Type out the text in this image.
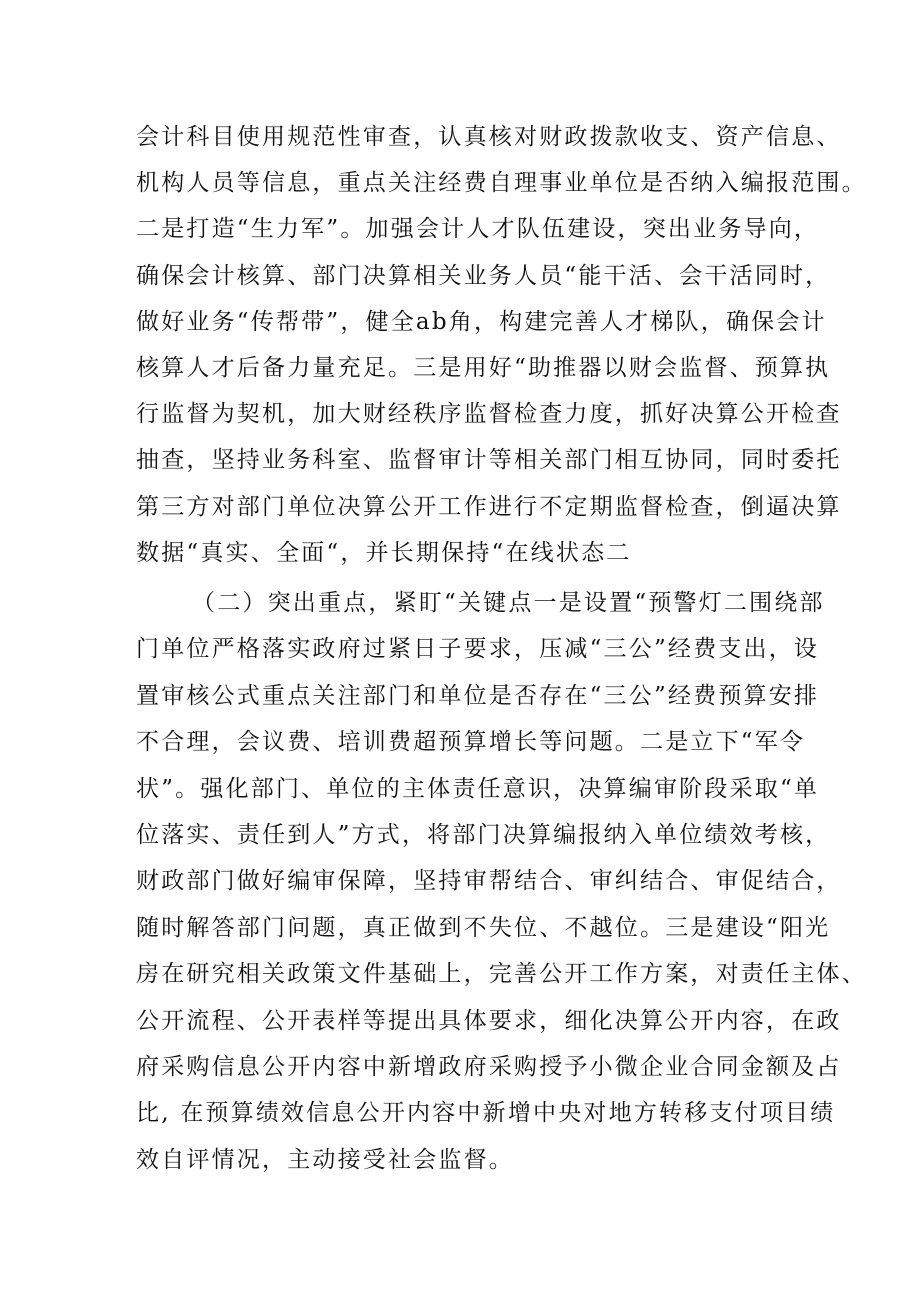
会计科目使用规范性审查，认真核对财政拨款收支、资产信息、
机构人员等信息，重点关注经费自理事业单位是否纳入编报范围。
二是打造“生力军”。加强会计人才队伍建设，突出业务导向，
确保会计核算、部门决算相关业务人员“能干活、会干活同时，
做好业务“传帮带”，健全ab角，构建完善人才梯队，确保会计
核算人才后备力量充足。三是用好“助推器以财会监督、预算执
行监督为契机，加大财经秩序监督检查力度，抓好决算公开检查
抽查，坚持业务科室、监督审计等相关部门相互协同，同时委托
第三方对部门单位决算公开工作进行不定期监督检查，倒逼决算
数据“真实、全面“，并长期保持“在线状态二
（二）突出重点，紧盯“关键点一是设置“预警灯二围绕部
门单位严格落实政府过紧日子要求，压减“三公”经费支出，设
置审核公式重点关注部门和单位是否存在“三公”经费预算安排
不合理，会议费、培训费超预算增长等问题。二是立下“军令
状”。强化部门、单位的主体责任意识，决算编审阶段采取“单
位落实、责任到人”方式，将部门决算编报纳入单位绩效考核，
财政部门做好编审保障，坚持审帮结合、审纠结合、审促结合，
随时解答部门问题，真正做到不失位、不越位。三是建设“阳光
房在研究相关政策文件基础上，完善公开工作方案，对责任主体、
公开流程、公开表样等提出具体要求，细化决算公开内容，在政
府采购信息公开内容中新增政府采购授予小微企业合同金额及占
比, 在预算绩效信息公开内容中新增中央对地方转移支付项目绩
效自评情况，主动接受社会监督。
